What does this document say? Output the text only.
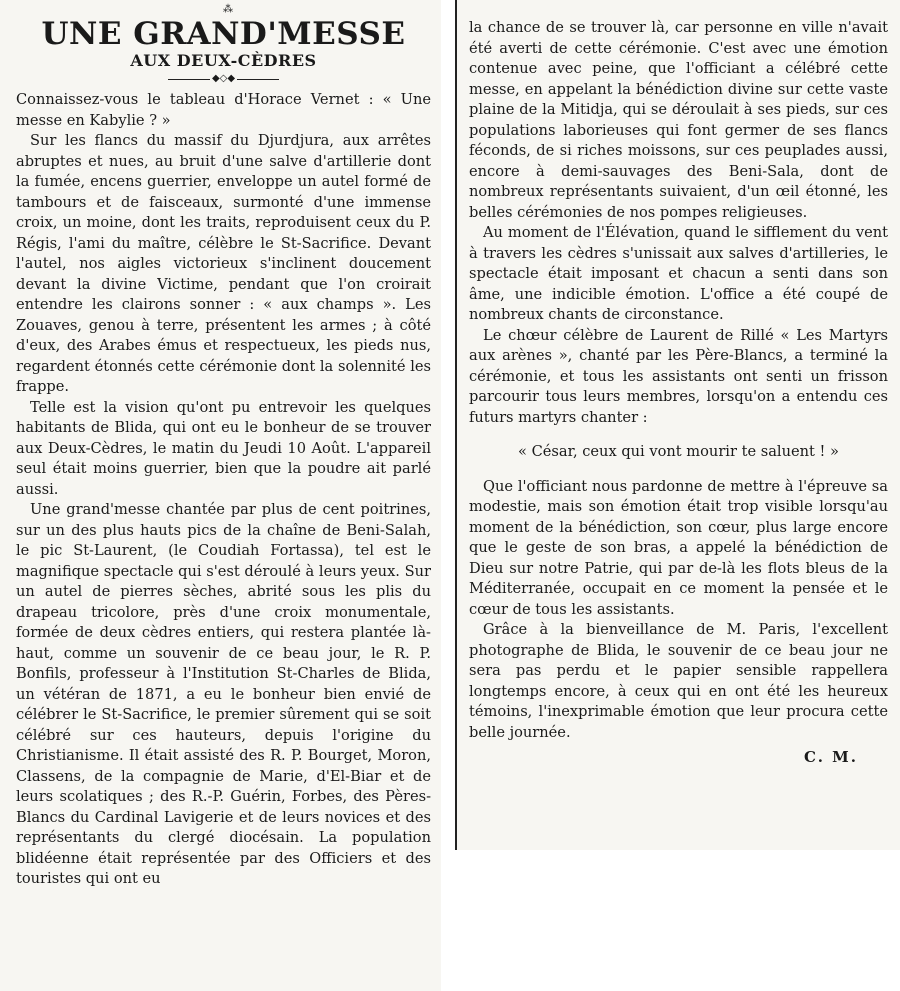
⁂
UNE GRAND'MESSE
AUX DEUX-CÈDRES
◆◇◆

Connaissez-vous le tableau d'Horace Vernet : « Une messe en Kabylie ? »

Sur les flancs du massif du Djurdjura, aux arrêtes abruptes et nues, au bruit d'une salve d'artillerie dont la fumée, encens guerrier, enveloppe un autel formé de tambours et de faisceaux, surmonté d'une immense croix, un moine, dont les traits, reproduisent ceux du P. Régis, l'ami du maître, célèbre le St-Sacrifice. Devant l'autel, nos aigles victorieux s'inclinent doucement devant la divine Victime, pendant que l'on croirait entendre les clairons sonner : « aux champs ». Les Zouaves, genou à terre, présentent les armes ; à côté d'eux, des Arabes émus et respectueux, les pieds nus, regardent étonnés cette cérémonie dont la solennité les frappe.

Telle est la vision qu'ont pu entrevoir les quelques habitants de Blida, qui ont eu le bonheur de se trouver aux Deux-Cèdres, le matin du Jeudi 10 Août. L'appareil seul était moins guerrier, bien que la poudre ait parlé aussi.

Une grand'messe chantée par plus de cent poitrines, sur un des plus hauts pics de la chaîne de Beni-Salah, le pic St-Laurent, (le Coudiah Fortassa), tel est le magnifique spectacle qui s'est déroulé à leurs yeux. Sur un autel de pierres sèches, abrité sous les plis du drapeau tricolore, près d'une croix monumentale, formée de deux cèdres entiers, qui restera plantée là-haut, comme un souvenir de ce beau jour, le R. P. Bonfils, professeur à l'Institution St-Charles de Blida, un vétéran de 1871, a eu le bonheur bien envié de célébrer le St-Sacrifice, le premier sûrement qui se soit célébré sur ces hauteurs, depuis l'origine du Christianisme. Il était assisté des R. P. Bourget, Moron, Classens, de la compagnie de Marie, d'El-Biar et de leurs scolatiques ; des R.-P. Guérin, Forbes, des Pères-Blancs du Cardinal Lavigerie et de leurs novices et des représentants du clergé diocésain. La population blidéenne était représentée par des Officiers et des touristes qui ont eu

la chance de se trouver là, car personne en ville n'avait été averti de cette cérémonie. C'est avec une émotion contenue avec peine, que l'officiant a célébré cette messe, en appelant la bénédiction divine sur cette vaste plaine de la Mitidja, qui se déroulait à ses pieds, sur ces populations laborieuses qui font germer de ses flancs féconds, de si riches moissons, sur ces peuplades aussi, encore à demi-sauvages des Beni-Sala, dont de nombreux représentants suivaient, d'un œil étonné, les belles cérémonies de nos pompes religieuses.

Au moment de l'Élévation, quand le sifflement du vent à travers les cèdres s'unissait aux salves d'artilleries, le spectacle était imposant et chacun a senti dans son âme, une indicible émotion. L'office a été coupé de nombreux chants de circonstance.

Le chœur célèbre de Laurent de Rillé « Les Martyrs aux arènes », chanté par les Père-Blancs, a terminé la cérémonie, et tous les assistants ont senti un frisson parcourir tous leurs membres, lorsqu'on a entendu ces futurs martyrs chanter :

« César, ceux qui vont mourir te saluent ! »

Que l'officiant nous pardonne de mettre à l'épreuve sa modestie, mais son émotion était trop visible lorsqu'au moment de la bénédiction, son cœur, plus large encore que le geste de son bras, a appelé la bénédiction de Dieu sur notre Patrie, qui par de-là les flots bleus de la Méditerranée, occupait en ce moment la pensée et le cœur de tous les assistants.

Grâce à la bienveillance de M. Paris, l'excellent photographe de Blida, le souvenir de ce beau jour ne sera pas perdu et le papier sensible rappellera longtemps encore, à ceux qui en ont été les heureux témoins, l'inexprimable émotion que leur procura cette belle journée.

C. M.
